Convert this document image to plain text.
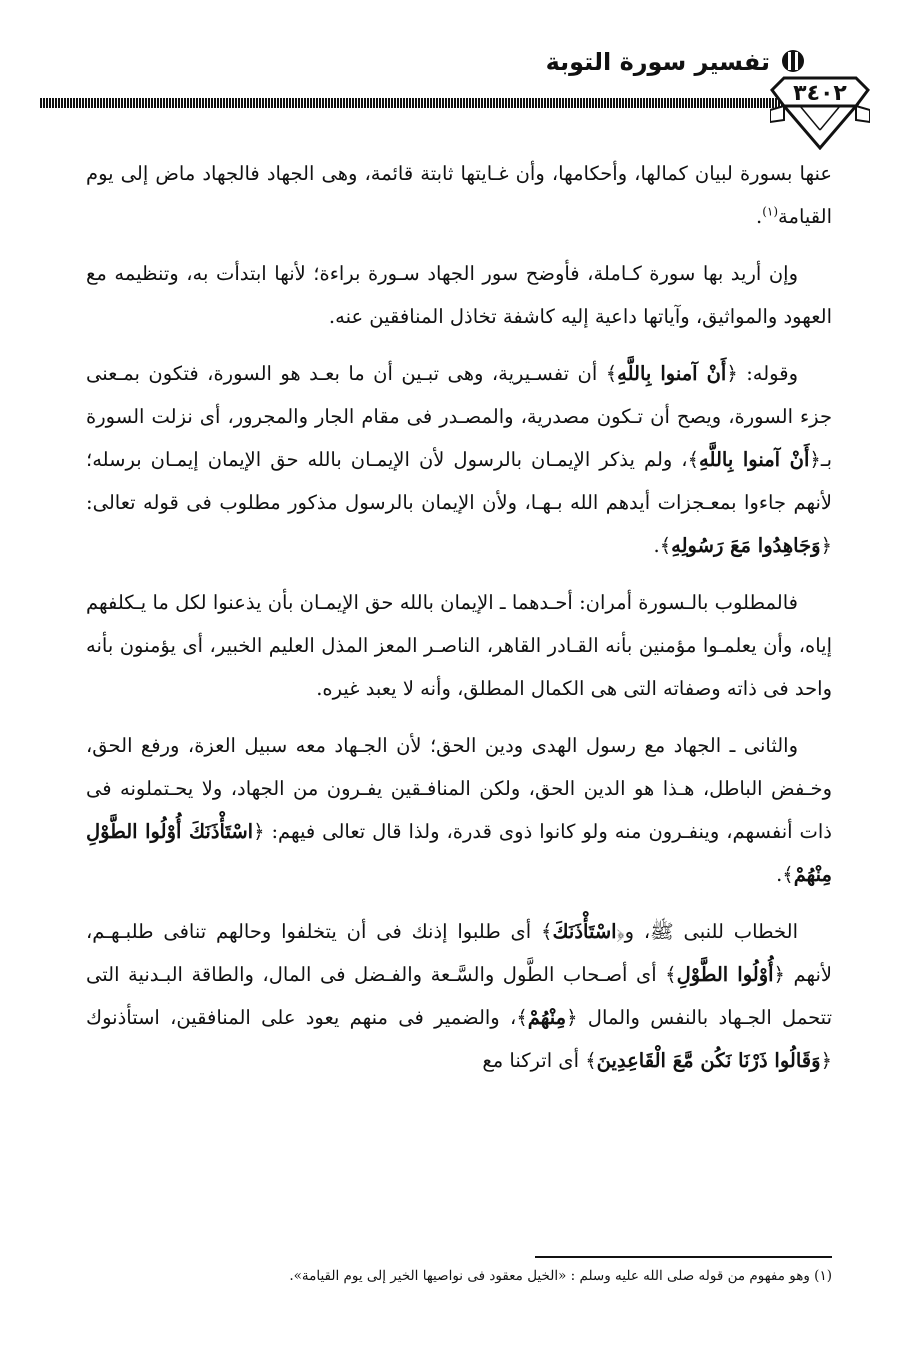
تفسير سورة التوبة
٣٤٠٢

عنها بسورة لبيان كمالها، وأحكامها، وأن غـايتها ثابتة قائمة، وهى الجهاد فالجهاد ماض إلى يوم القيامة$^{(١)}$.

وإن أريد بها سورة كـاملة، فأوضح سور الجهاد سـورة براءة؛ لأنها ابتدأت به، وتنظيمه مع العهود والمواثيق، وآياتها داعية إليه كاشفة تخاذل المنافقين عنه.

وقوله: ﴿أَنْ آمنوا بِاللَّهِ﴾ أن تفسـيرية، وهى تبـين أن ما بعـد هو السورة، فتكون بمـعنى جزء السورة، ويصح أن تـكون مصدرية، والمصـدر فى مقام الجار والمجرور، أى نزلت السورة بـ﴿أَنْ آمنوا بِاللَّهِ﴾، ولم يذكر الإيمـان بالرسول لأن الإيمـان بالله حق الإيمان إيمـان برسله؛ لأنهم جاءوا بمعـجزات أيدهم الله بـهـا، ولأن الإيمان بالرسول مذكور مطلوب فى قوله تعالى: ﴿وَجَاهِدُوا مَعَ رَسُولِهِ﴾.

فالمطلوب بالـسورة أمران: أحـدهما ـ الإيمان بالله حق الإيمـان بأن يذعنوا لكل ما يـكلفهم إياه، وأن يعلمـوا مؤمنين بأنه القـادر القاهر، الناصـر المعز المذل العليم الخبير، أى يؤمنون بأنه واحد فى ذاته وصفاته التى هى الكمال المطلق، وأنه لا يعبد غيره.

والثانى ـ الجهاد مع رسول الهدى ودين الحق؛ لأن الجـهاد معه سبيل العزة، ورفع الحق، وخـفض الباطل، هـذا هو الدين الحق، ولكن المنافـقين يفـرون من الجهاد، ولا يحـتملونه فى ذات أنفسهم، وينفـرون منه ولو كانوا ذوى قدرة، ولذا قال تعالى فيهم: ﴿اسْتَأْذَنَكَ أُوْلُوا الطَّوْلِ مِنْهُمْ﴾.

الخطاب للنبى ﷺ، و﴿اسْتَأْذَنَكَ﴾ أى طلبوا إذنك فى أن يتخلفوا وحالهم تنافى طلبـهـم، لأنهم ﴿أُوْلُوا الطَّوْلِ﴾ أى أصـحاب الطَّول والسَّـعة والفـضل فى المال، والطاقة البـدنية التى تتحمل الجـهاد بالنفس والمال ﴿مِنْهُمْ﴾، والضمير فى منهم يعود على المنافقين، استأذنوك ﴿وَقَالُوا ذَرْنَا نَكُن مَّعَ الْقَاعِدِينَ﴾ أى اتركنا مع

(١) وهو مفهوم من قوله صلى الله عليه وسلم : «الخيل معقود فى نواصيها الخير إلى يوم القيامة».
